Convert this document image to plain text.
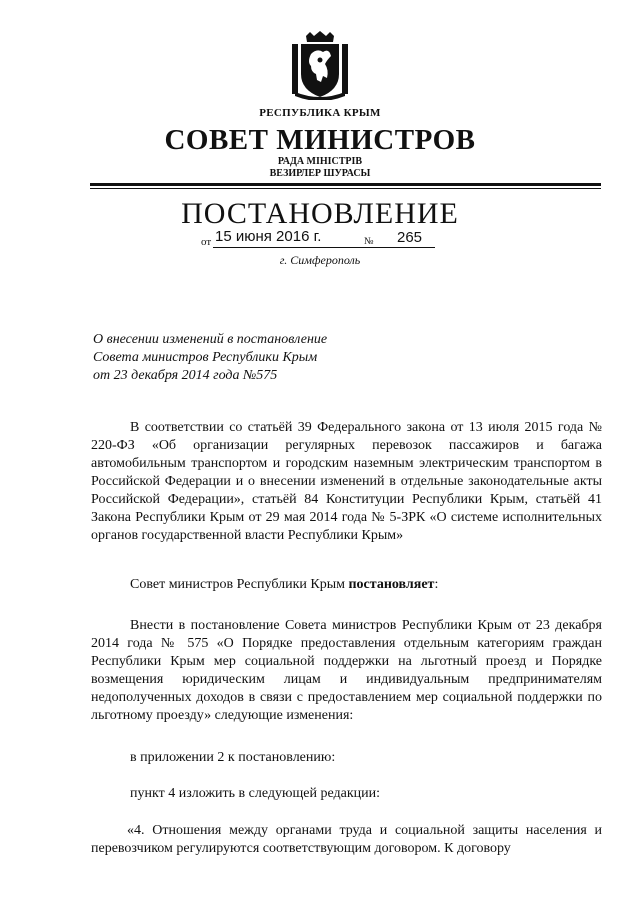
РЕСПУБЛИКА КРЫМ
СОВЕТ МИНИСТРОВ
РАДА МІНІСТРІВ
ВЕЗИРЛЕР ШУРАСЫ
ПОСТАНОВЛЕНИЕ
от 15 июня 2016 г.	№ 265
г. Симферополь
О внесении изменений в постановление
Совета министров Республики Крым
от 23 декабря 2014 года №575
В соответствии со статьёй 39 Федерального закона от 13 июля 2015 года № 220-ФЗ «Об организации регулярных перевозок пассажиров и багажа автомобильным транспортом и городским наземным электрическим транспортом в Российской Федерации и о внесении изменений в отдельные законодательные акты Российской Федерации», статьёй 84 Конституции Республики Крым, статьёй 41 Закона Республики Крым от 29 мая 2014 года № 5-ЗРК «О системе исполнительных органов государственной власти Республики Крым»
Совет министров Республики Крым постановляет:
Внести в постановление Совета министров Республики Крым от 23 декабря 2014 года № 575 «О Порядке предоставления отдельным категориям граждан Республики Крым мер социальной поддержки на льготный проезд и Порядке возмещения юридическим лицам и индивидуальным предпринимателям недополученных доходов в связи с предоставлением мер социальной поддержки по льготному проезду» следующие изменения:
в приложении 2 к постановлению:
пункт 4 изложить в следующей редакции:
«4. Отношения между органами труда и социальной защиты населения и перевозчиком регулируются соответствующим договором. К договору
